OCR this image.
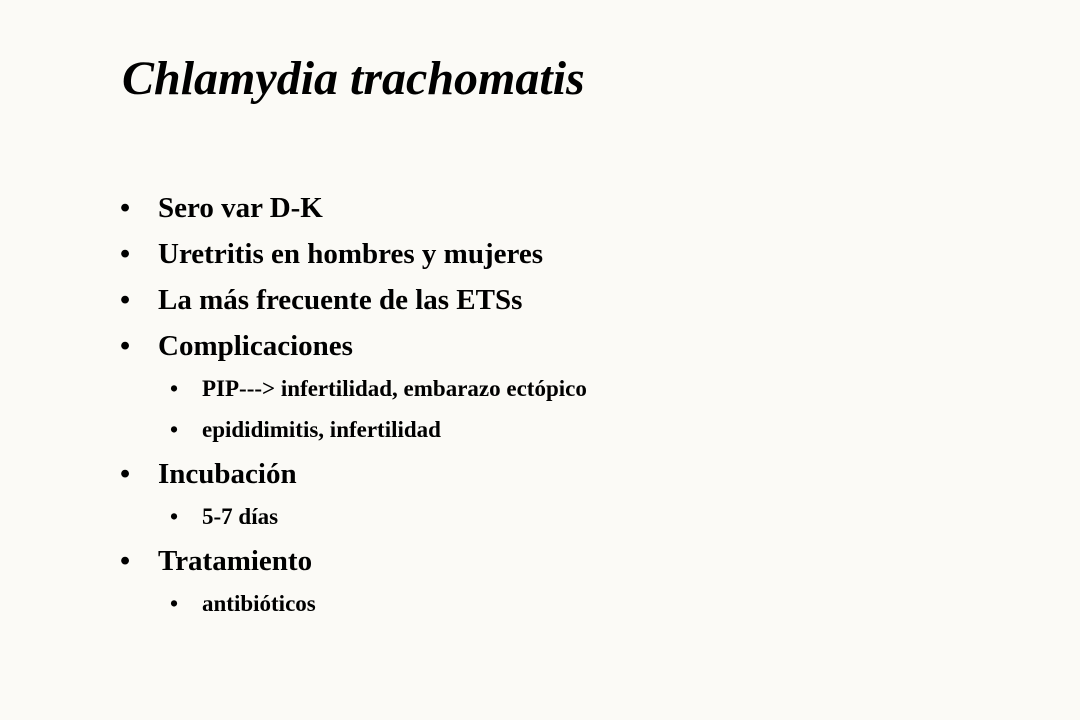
Chlamydia trachomatis
• Sero var D-K
• Uretritis en hombres y mujeres
• La más frecuente de las ETSs
• Complicaciones
• PIP---> infertilidad, embarazo ectópico
• epididimitis, infertilidad
• Incubación
• 5-7 días
• Tratamiento
• antibióticos
